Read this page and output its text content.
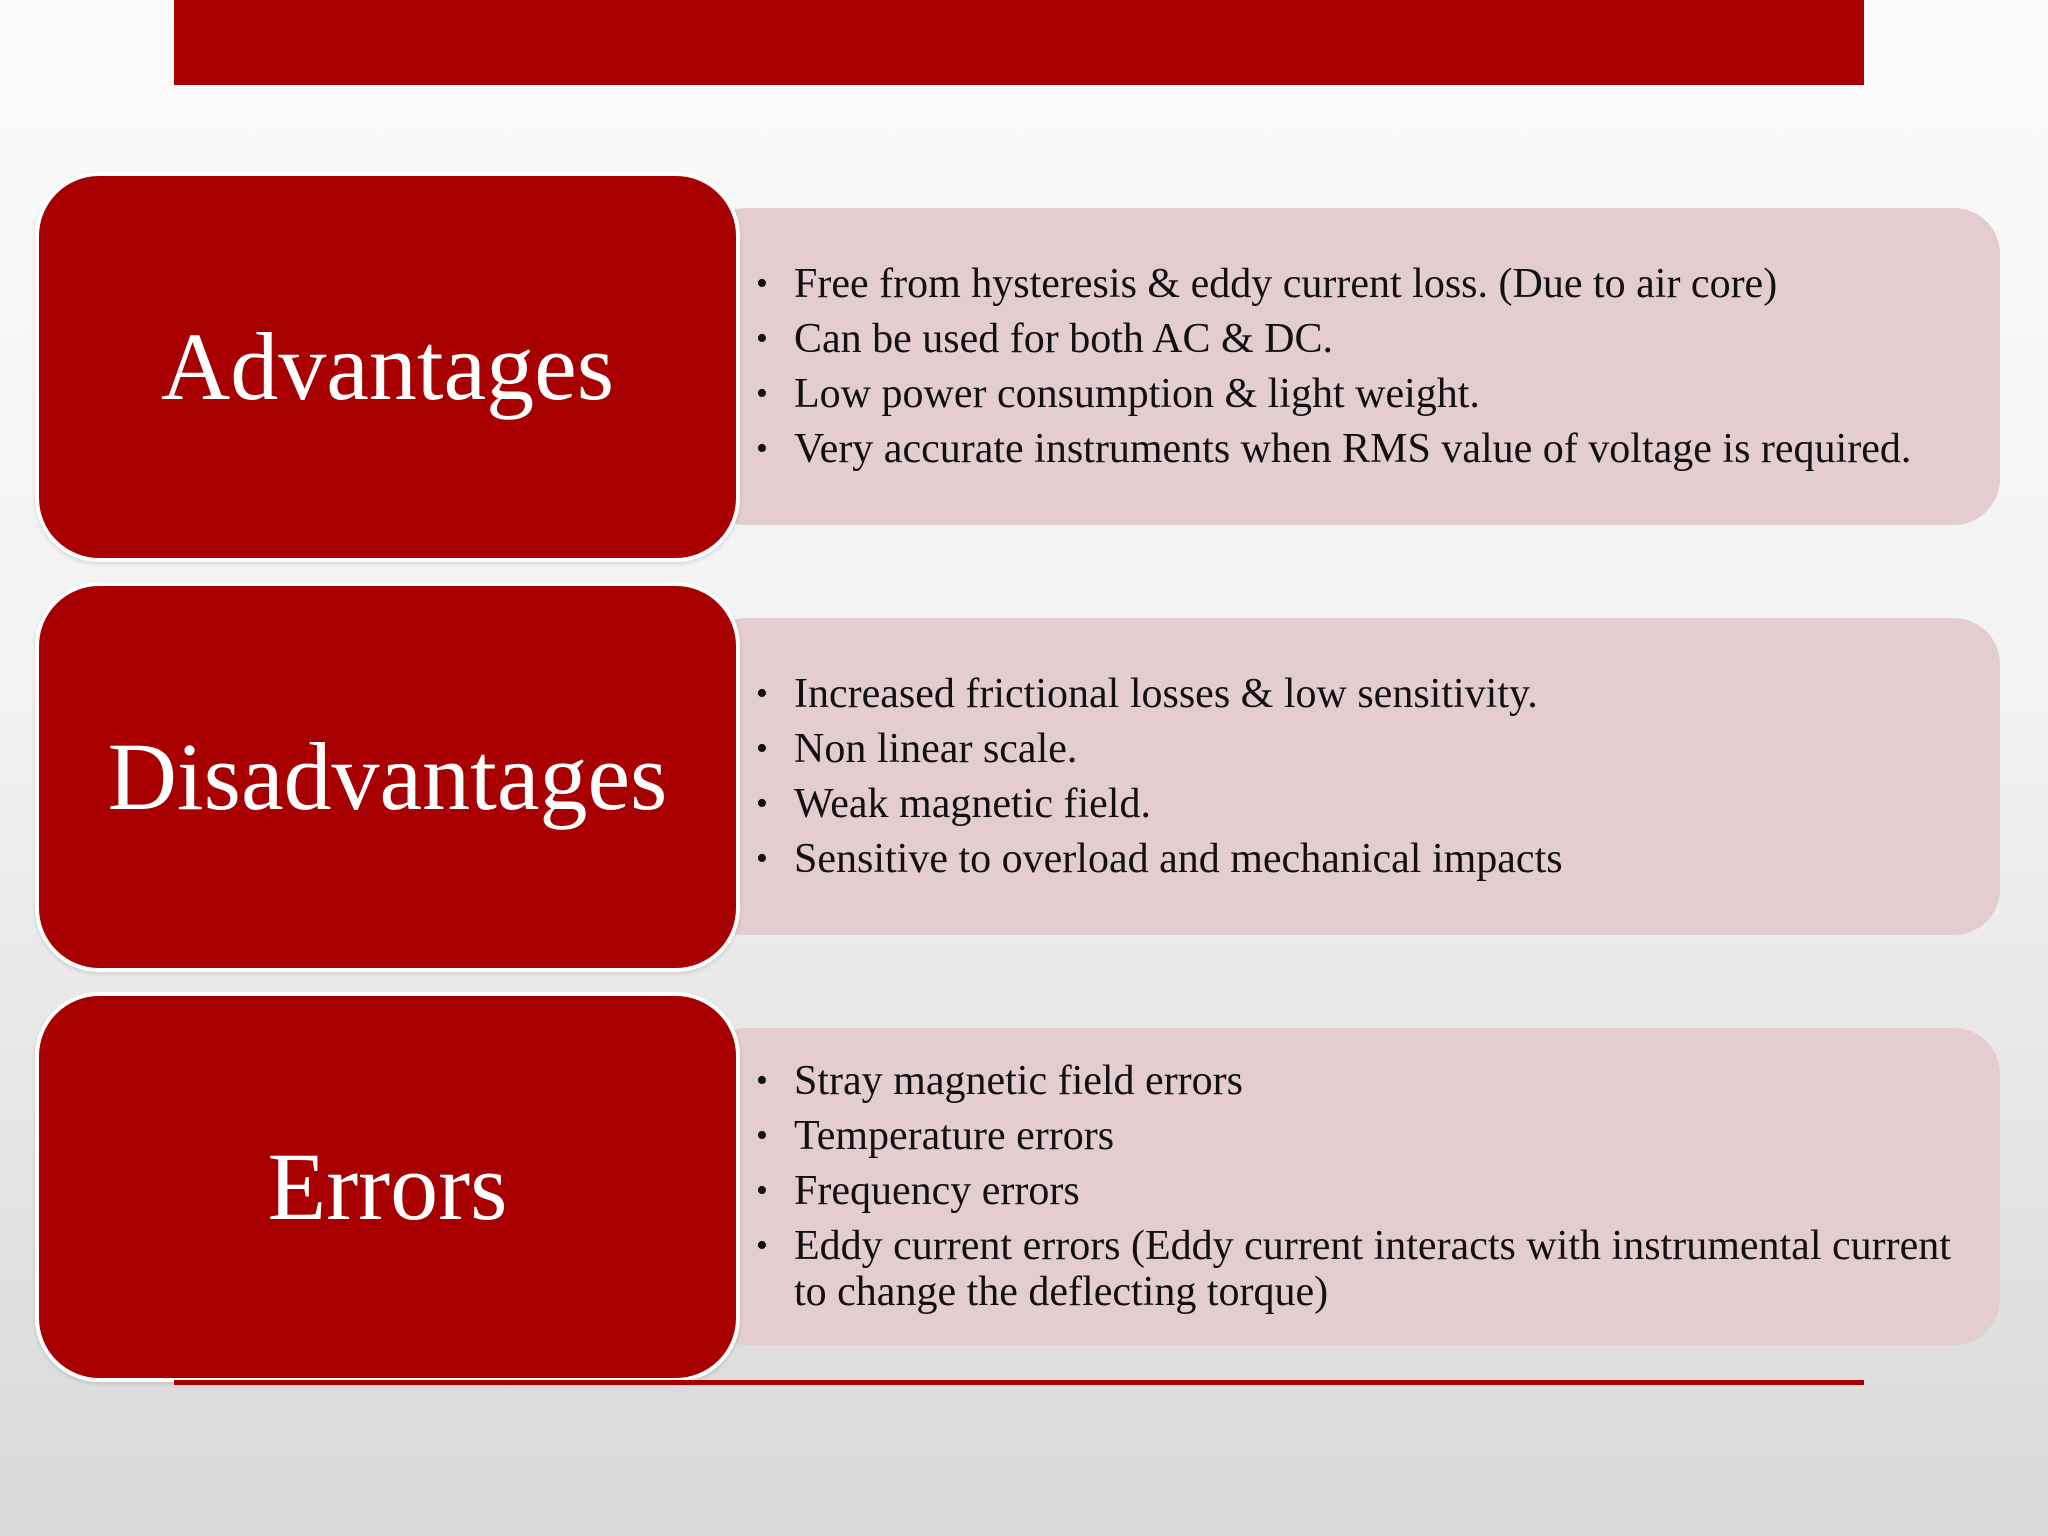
• Free from hysteresis & eddy current loss. (Due to air core)
• Can be used for both AC & DC.
• Low power consumption & light weight.
• Very accurate instruments when RMS value of voltage is required.
Advantages
• Increased frictional losses & low sensitivity.
• Non linear scale.
• Weak magnetic field.
• Sensitive to overload and mechanical impacts
Disadvantages
• Stray magnetic field errors
• Temperature errors
• Frequency errors
• Eddy current errors (Eddy current interacts with instrumental current to change the deflecting torque)
Errors
